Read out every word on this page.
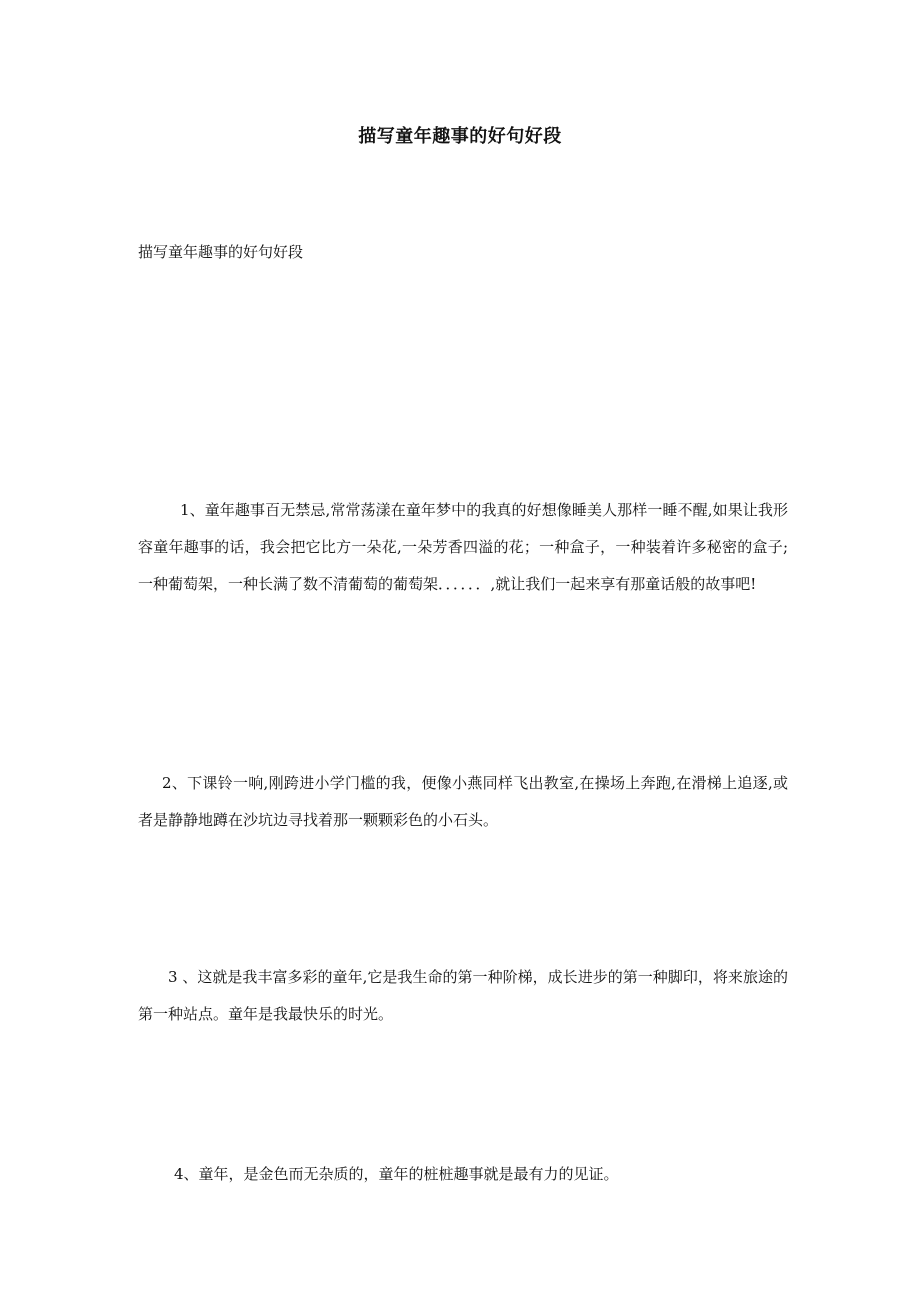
描写童年趣事的好句好段
描写童年趣事的好句好段

1、童年趣事百无禁忌,常常荡漾在童年梦中的我真的好想像睡美人那样一睡不醒,如果让我形容童年趣事的话，我会把它比方一朵花,一朵芳香四溢的花；一种盒子，一种装着许多秘密的盒子;一种葡萄架，一种长满了数不清葡萄的葡萄架．．．．．．,就让我们一起来享有那童话般的故事吧!

2、下课铃一响,刚跨进小学门槛的我，便像小燕同样飞出教室,在操场上奔跑,在滑梯上追逐,或者是静静地蹲在沙坑边寻找着那一颗颗彩色的小石头。

3 、这就是我丰富多彩的童年,它是我生命的第一种阶梯，成长进步的第一种脚印，将来旅途的第一种站点。童年是我最快乐的时光。

4、童年，是金色而无杂质的，童年的桩桩趣事就是最有力的见证。
